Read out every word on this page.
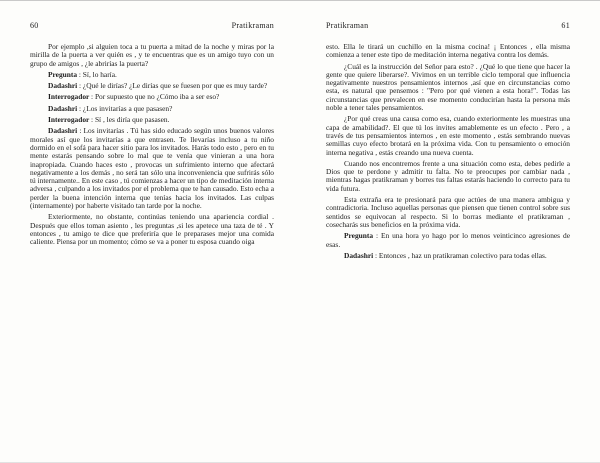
60	Pratikraman

Por ejemplo ,si alguien toca a tu puerta a mitad de la noche y miras por la mirilla de la puerta a ver quién es , y te encuentras que es un amigo tuyo con un grupo de amigos , ¿le abrirías la puerta?

Pregunta : Sí, lo haría.

Dadashri : ¿Qué le dirías? ¿Le dirías que se fuesen por que es muy tarde?

Interrogador : Por supuesto que no ¿Cómo iba a ser eso?

Dadashri : ¿Los invitarías a que pasasen?

Interrogador : Sí , les diría que pasasen.

Dadashri : Los invitarías . Tú has sido educado según unos buenos valores morales así que los invitarías a que entrasen. Te llevarías incluso a tu niño dormido en el sofá para hacer sitio para los invitados. Harás todo esto , pero en tu mente estarás pensando sobre lo mal que te venía que vinieran a una hora inapropiada. Cuando haces esto , provocas un sufrimiento interno que afectará negativamente a los demás , no será tan sólo una inconveniencia que sufrirás sólo tú internamente.. En este caso , tú comienzas a hacer un tipo de meditación interna adversa , culpando a los invitados por el problema que te han causado. Esto echa a perder la buena intención interna que tenías hacia los invitados. Las culpas (internamente) por haberte visitado tan tarde por la noche.

Exteriormente, no obstante, continúas teniendo una apariencia cordial . Después que ellos toman asiento , les preguntas ,si les apetece una taza de té . Y entonces , tu amigo te dice que preferiría que le preparases mejor una comida caliente. Piensa por un momento; cómo se va a poner tu esposa cuando oiga

Pratikraman	61

esto. Ella le tirará un cuchillo en la misma cocina! ¡ Entonces , ella misma comienza a tener este tipo de meditación interna negativa contra los demás.

¿Cuál es la instrucción del Señor para esto? . ¿Qué lo que tiene que hacer la gente que quiere liberarse?. Vivimos en un terrible ciclo temporal que influencia negativamente nuestros pensamientos internos ,así que en circunstancias como esta, es natural que pensemos : "Pero por qué vienen a esta hora!". Todas las circunstancias que prevalecen en ese momento conducirían hasta la persona más noble a tener tales pensamientos.

¿Por qué creas una causa como esa, cuando exteriormente les muestras una capa de amabilidad?. El que tú los invites amablemente es un efecto . Pero , a través de tus pensamientos internos , en este momento , estás sembrando nuevas semillas cuyo efecto brotará en la próxima vida. Con tu pensamiento o emoción interna negativa , estás creando una nueva cuenta.

Cuando nos encontremos frente a una situación como esta, debes pedirle a Dios que te perdone y admitir tu falta. No te preocupes por cambiar nada , mientras hagas pratikraman y borres tus faltas estarás haciendo lo correcto para tu vida futura.

Esta extraña era te presionará para que actúes de una manera ambigua y contradictoria. Incluso aquellas personas que piensen que tienen control sobre sus sentidos se equivocan al respecto. Si lo borras mediante el pratikraman , cosecharás sus beneficios en la próxima vida.

Pregunta : En una hora yo hago por lo menos veinticinco agresiones de esas.

Dadashri : Entonces , haz un pratikraman colectivo para todas ellas.
